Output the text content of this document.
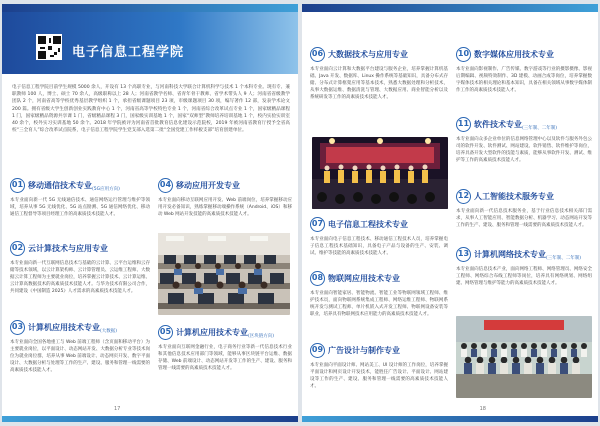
电子信息工程学院
电子信息工程学院目前学生规模 5000 余人，开设有 13 个高职专业，与河南科技大学联合计算机科学与技术 1 个本科专业。现有专、兼职教师 100 人，博士、硕士 70 余人，高级职称以上 28 人；河南省教学名师、省青年骨干教师、省学术带头人 9 人；河南省省级教学团队 2 个，河南省高等学校优秀基层教学组织 1 个，承担省级课题项目 23 项，市级课题项目 30 项，编写著作 12 部，发表学术论文 200 篇。拥有省级大学生创新创业实践教育中心 1 个，河南省高等学校特色专业 1 个，河南省综合改革试点专业 1 个，国家级精品课程 1 门，国家级精品资源共享课 1 门，省级精品课程 3 门，国家级实训基地 1 个，国家“双师型”教师培养培训基地 1 个，校内实验实训室 40 余个，校外实习实训基地 50 余个。2018 年学院被评为河南省首批教育信息化建设示范院校，2019 年被河南省教育厅授予全省高校“三全育人”综合改革试点院系，电子信息工程学院学生党支部入选第二批“全国党建工作样板支部”培育创建单位。
01 移动通信技术专业(5G应用方向)
本专业面向新一代 5G 无线通信技术、通信网络运行管理与维护等领域，培养从事 5G 无线优化、5G 站点勘测、5G 通信网络优化、移动通信工程督导等项目经理工作的高素质技术技能人才。
02 云计算技术与应用专业
本专业面向新一代互联网信息技术与基础的云计算、云平台运维和云存储等技术领域，以云计算架构师、云计算管理员、云运维工程师、大数据云计算工程师为主要就业岗位，培养掌握云计算技术、云计算运维、云计算高数据技术的高素质技术技能人才。与华为技术有限公司合作，共同建设《中国制造 2025》人才需求的高素质技术技能人才。
03 计算机应用技术专业(大数据)
本专业面向全国各地重工与 Web 前端工程师（含页面和移动平台）为主要就业岗位，以平面设计、动态网站开发、大数据分析专业等技术岗位为就业岗位群，培养从事 Web 前端设计、动态网页开发、数字平面设计、大数据分析与处理等工作的生产、建设、服务和管理一线需要的高素质技术技能人才。
04 移动应用开发专业
本专业面向移动互联网应用开发、Web 前端岗位，培养掌握移动应用开发必备知识，熟练掌握移动端操作系统（Android、iOS）和移动 Web 网站开发技能的高素质技术技能人才。
05 计算机应用技术专业(区块链方向)
本专业面向互联网金融行业，电子商务行业等新一代信息技术行业和其他信息技术应用部门等领域，能够从事区块链平台运维、数据存储、Web 前端设计、动态网站开发等工作的生产、建设、服务和管理一线需要的高素质技术技能人才。
17
06 大数据技术与应用专业
本专业面向云计算和大数据平台建设与服务企业，培养掌握计算机基础、Java 开发、数据库、Linux 操作系统等基础知识，具备分布式存储、分布式计算框架应用等基本技术，熟悉大数据处理和分析技术，从事大数据运维、数据清洗与管理、大数据应用、商业智能分析以及系统研发等工作的高素质技术技能人才。
07 电子信息工程技术专业
本专业面向电子信息工程技术、移动通信工程技术人员，培养掌握电子信息工程技术基础知识，具备电子产品与设备的生产、安装、调试、维护等技能的高素质技术技能人才。
08 物联网应用技术专业
本专业面向智能家居、智能物流、智能工业等物联网领域工程师、维护技术员，面向物联网系统集成工程师、网络运维工程师、物联网系统开发与测试工程师、单片机嵌入式开发工程师、物联网设备安装等职业，培养具有物联网技术应用能力的高素质技术技能人才。
09 广告设计与制作专业
本专业面向平面设计师、网站美工、UI 设计师的工作岗位，培养掌握平面设计和网页设计开发技术，能胜任广告设计、平面设计、网站建设等工作的生产、建设、服务和管理一线需要的高素质技术技能人才。
10 数字媒体应用技术专业
本专业面向影视制作、广告传媒、数字游戏等行业的摄影摄像、影视后期编辑、视频特效制作、3D 建模、动画合成等岗位，培养掌握数字媒体技术的相关理论和基本知识，具备在相关领域从事数字媒体制作工作的高素质技术技能人才。
11 软件技术专业(三年制、二年制)
本专业面向众多企业单位的信息网络管理中心以及软件与服务外包公司的软件开发、软件测试、网站建设、软件销售、软件维护等岗位，培养具备开发大型软件的技能与素质，能够从事软件开发、测试、维护等工作的高素质技术技能人才。
12 人工智能技术服务专业
本专业面向新一代信息技术服务业，基于行业信息技术相关部门需求，从事人工智能应用、智能数据分析、机器学习、动态网站开发等工作的生产、建设、服务和管理一线需要的高素质技术技能人才。
13 计算机网络技术专业(三年制、二年制)
本专业面向信息技术产业，面向网络工程师、网络管理员、网络安全工程师、网络综合布线工程师等岗位，培养具有网络规划、网络组建、网络管理与维护等能力的高素质技术技能人才。
18
